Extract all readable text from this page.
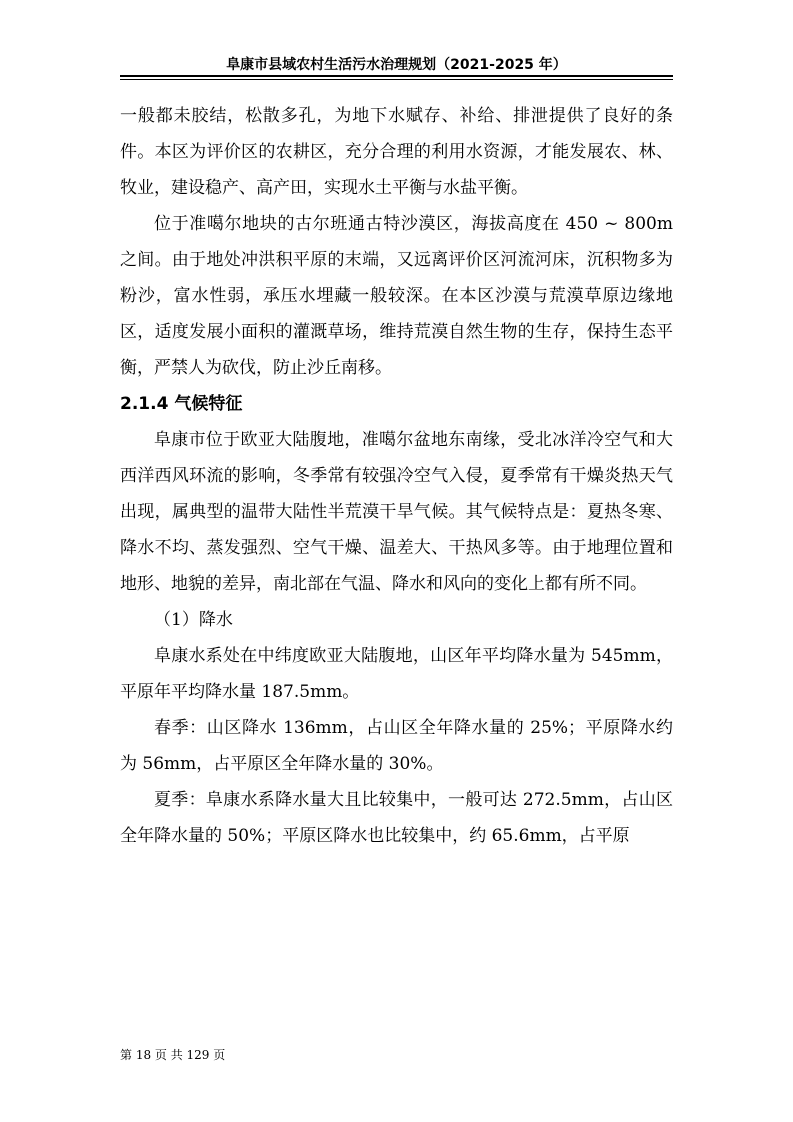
阜康市县域农村生活污水治理规划（2021-2025 年）

一般都未胶结，松散多孔，为地下水赋存、补给、排泄提供了良好的条件。本区为评价区的农耕区，充分合理的利用水资源，才能发展农、林、牧业，建设稳产、高产田，实现水土平衡与水盐平衡。

位于准噶尔地块的古尔班通古特沙漠区，海拔高度在 450 ~ 800m 之间。由于地处冲洪积平原的末端，又远离评价区河流河床，沉积物多为粉沙，富水性弱，承压水埋藏一般较深。在本区沙漠与荒漠草原边缘地区，适度发展小面积的灌溉草场，维持荒漠自然生物的生存，保持生态平衡，严禁人为砍伐，防止沙丘南移。

2.1.4 气候特征

阜康市位于欧亚大陆腹地，准噶尔盆地东南缘，受北冰洋冷空气和大西洋西风环流的影响，冬季常有较强冷空气入侵，夏季常有干燥炎热天气出现，属典型的温带大陆性半荒漠干旱气候。其气候特点是：夏热冬寒、降水不均、蒸发强烈、空气干燥、温差大、干热风多等。由于地理位置和地形、地貌的差异，南北部在气温、降水和风向的变化上都有所不同。

（1）降水

阜康水系处在中纬度欧亚大陆腹地，山区年平均降水量为 545mm，平原年平均降水量 187.5mm。

春季：山区降水 136mm，占山区全年降水量的 25%；平原降水约为 56mm，占平原区全年降水量的 30%。

夏季：阜康水系降水量大且比较集中，一般可达 272.5mm，占山区全年降水量的 50%；平原区降水也比较集中，约 65.6mm，占平原

第 18 页 共 129 页
